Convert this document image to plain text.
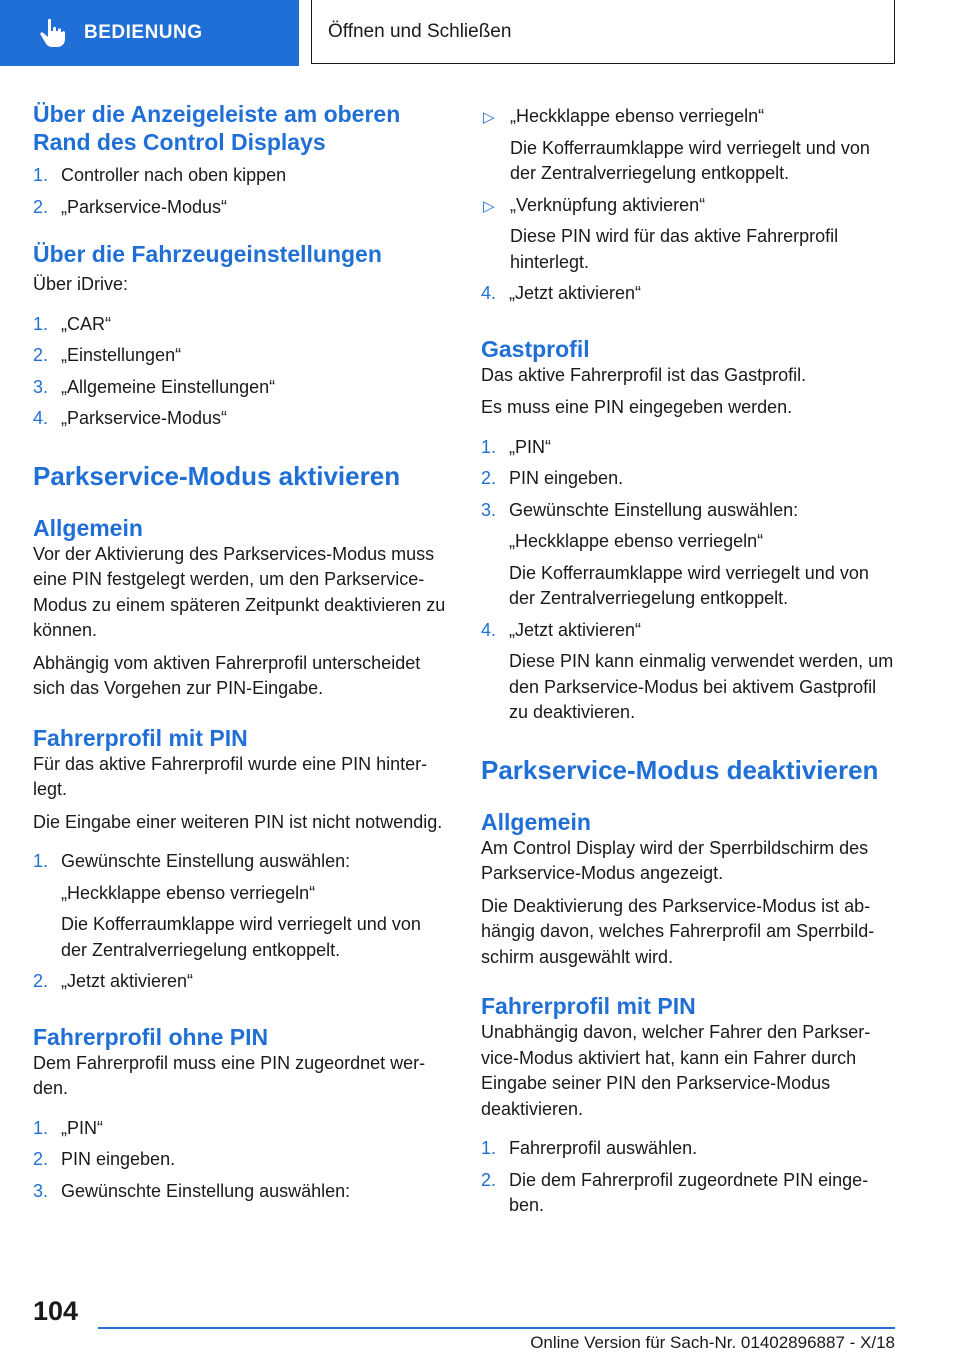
BEDIENUNG	Öffnen und Schließen
Über die Anzeigeleiste am oberen Rand des Control Displays
1. Controller nach oben kippen
2. „Parkservice-Modus“
Über die Fahrzeugeinstellungen

Über iDrive:

1. „CAR“
2. „Einstellungen“
3. „Allgemeine Einstellungen“
4. „Parkservice-Modus“
Parkservice-Modus aktivieren
Allgemein

Vor der Aktivierung des Parkservices-Modus muss eine PIN festgelegt werden, um den Parkservice-Modus zu einem späteren Zeitpunkt deaktivieren zu können.

Abhängig vom aktiven Fahrerprofil unterscheidet sich das Vorgehen zur PIN-Eingabe.

Fahrerprofil mit PIN

Für das aktive Fahrerprofil wurde eine PIN hinterlegt.

Die Eingabe einer weiteren PIN ist nicht notwendig.

1. Gewünschte Einstellung auswählen:
„Heckklappe ebenso verriegeln“
Die Kofferraumklappe wird verriegelt und von der Zentralverriegelung entkoppelt.
2. „Jetzt aktivieren“
Fahrerprofil ohne PIN

Dem Fahrerprofil muss eine PIN zugeordnet werden.

1. „PIN“
2. PIN eingeben.
3. Gewünschte Einstellung auswählen:
▷ „Heckklappe ebenso verriegeln“
Die Kofferraumklappe wird verriegelt und von der Zentralverriegelung entkoppelt.
▷ „Verknüpfung aktivieren“
Diese PIN wird für das aktive Fahrerprofil hinterlegt.
4. „Jetzt aktivieren“
Gastprofil

Das aktive Fahrerprofil ist das Gastprofil.

Es muss eine PIN eingegeben werden.

1. „PIN“
2. PIN eingeben.
3. Gewünschte Einstellung auswählen:
„Heckklappe ebenso verriegeln“
Die Kofferraumklappe wird verriegelt und von der Zentralverriegelung entkoppelt.
4. „Jetzt aktivieren“
Diese PIN kann einmalig verwendet werden, um den Parkservice-Modus bei aktivem Gastprofil zu deaktivieren.
Parkservice-Modus deaktivieren
Allgemein

Am Control Display wird der Sperrbildschirm des Parkservice-Modus angezeigt.

Die Deaktivierung des Parkservice-Modus ist abhängig davon, welches Fahrerprofil am Sperrbildschirm ausgewählt wird.

Fahrerprofil mit PIN

Unabhängig davon, welcher Fahrer den Parkservice-Modus aktiviert hat, kann ein Fahrer durch Eingabe seiner PIN den Parkservice-Modus deaktivieren.

1. Fahrerprofil auswählen.
2. Die dem Fahrerprofil zugeordnete PIN eingeben.
104
Online Version für Sach-Nr. 01402896887 - X/18
